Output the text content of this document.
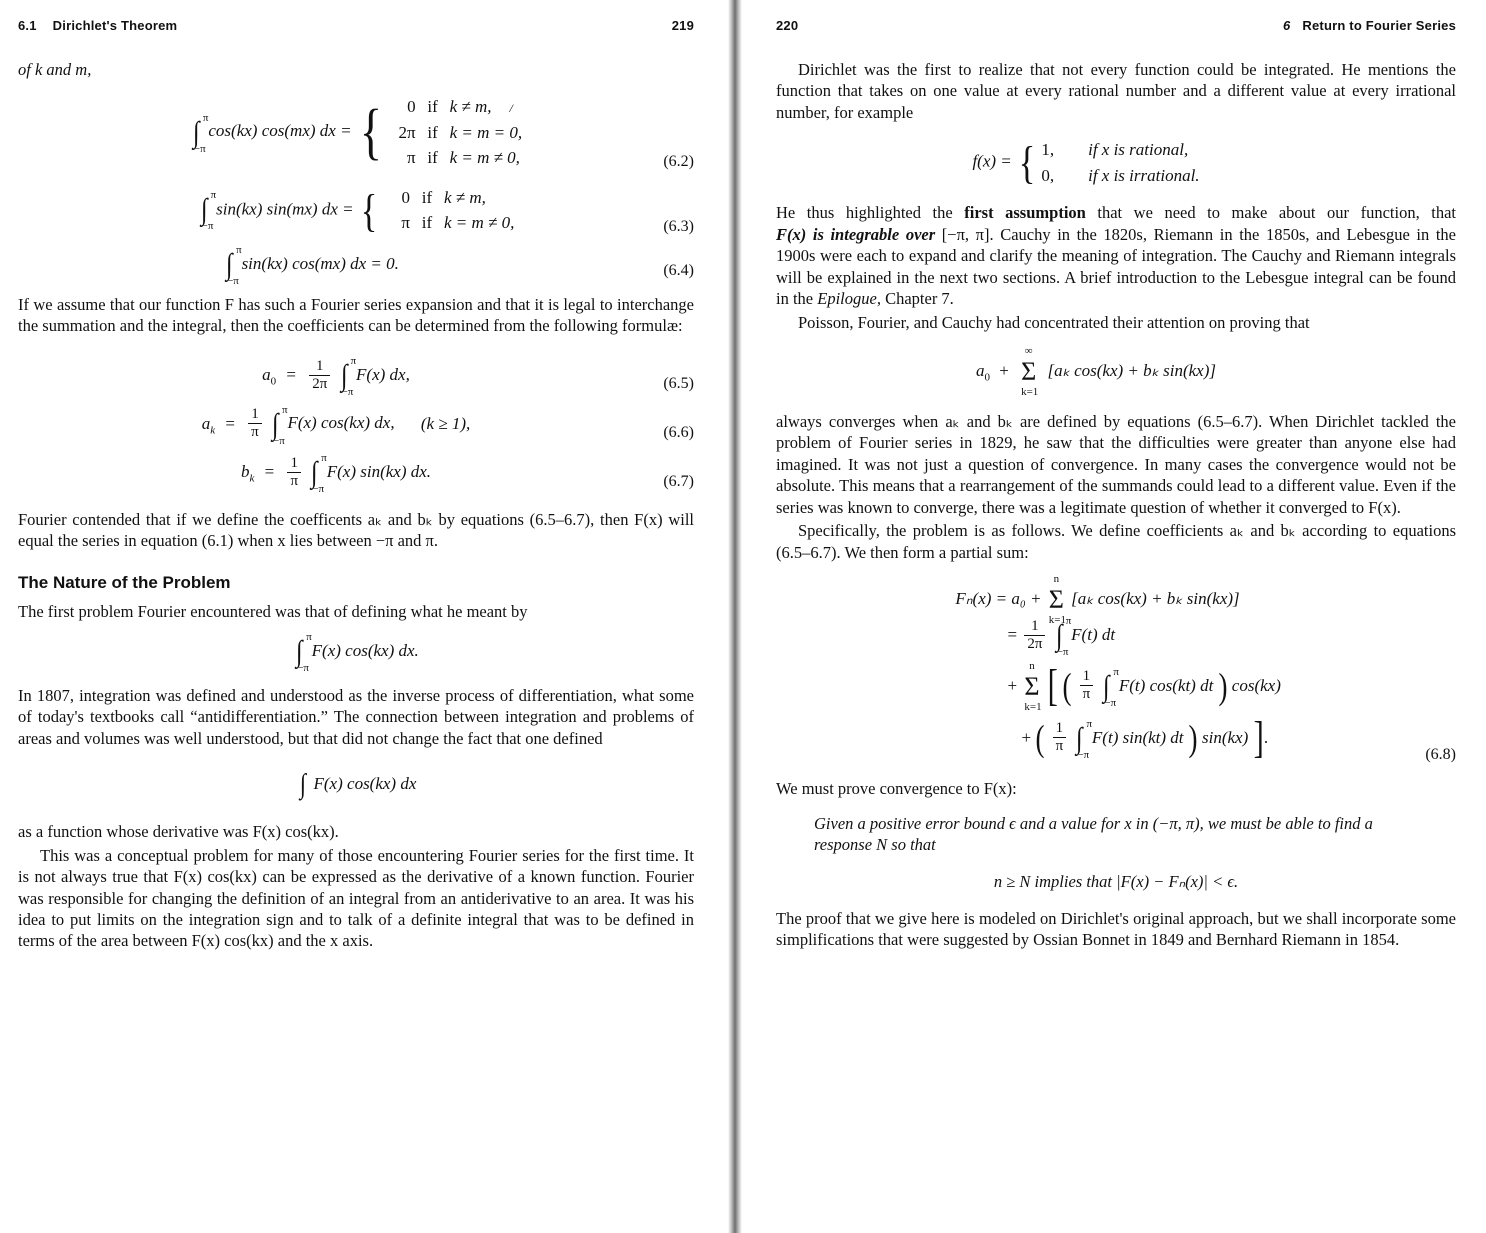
6.1 Dirichlet's Theorem	219

of k and m,

π
∫
−π
cos(kx) cos(mx) dx = {	0 if k ≠ m, /
2π if k = m = 0,
π if k = m ≠ 0,	(6.2)
π
∫
−π
sin(kx) sin(mx) dx = {	0 if k ≠ m,
π if k = m ≠ 0,	(6.3)
π
∫
−π
sin(kx) cos(mx) dx = 0.	(6.4)

If we assume that our function F has such a Fourier series expansion and that it is legal to interchange the summation and the integral, then the coefficients can be determined from the following formulæ:

$a_0 = \frac{1}{2\pi}$
π
∫
−π
F(x) dx,	(6.5)
$a_k = \frac{1}{\pi}$
π
∫
−π
F(x) cos(kx) dx, (k ≥ 1),	(6.6)
$b_k = \frac{1}{\pi}$
π
∫
−π
F(x) sin(kx) dx.	(6.7)

Fourier contended that if we define the coefficents aₖ and bₖ by equations (6.5–6.7), then F(x) will equal the series in equation (6.1) when x lies between −π and π.

The Nature of the Problem

The first problem Fourier encountered was that of defining what he meant by

π
∫
−π
F(x) cos(kx) dx.

In 1807, integration was defined and understood as the inverse process of differentiation, what some of today's textbooks call “antidifferentiation.” The connection between integration and problems of areas and volumes was well understood, but that did not change the fact that one defined

∫ F(x) cos(kx) dx

as a function whose derivative was F(x) cos(kx).

This was a conceptual problem for many of those encountering Fourier series for the first time. It is not always true that F(x) cos(kx) can be expressed as the derivative of a known function. Fourier was responsible for changing the definition of an integral from an antiderivative to an area. It was his idea to put limits on the integration sign and to talk of a definite integral that was to be defined in terms of the area between F(x) cos(kx) and the x axis.

220	6 Return to Fourier Series

Dirichlet was the first to realize that not every function could be integrated. He mentions the function that takes on one value at every rational number and a different value at every irrational number, for example

f(x) = { 1, if x is rational,
0, if x is irrational.

He thus highlighted the first assumption that we need to make about our function, that F(x) is integrable over [−π, π]. Cauchy in the 1820s, Riemann in the 1850s, and Lebesgue in the 1900s were each to expand and clarify the meaning of integration. The Cauchy and Riemann integrals will be explained in the next two sections. A brief introduction to the Lebesgue integral can be found in the Epilogue, Chapter 7.

Poisson, Fourier, and Cauchy had concentrated their attention on proving that

$a_0$ +
∞
Σ
k=1
[aₖ cos(kx) + bₖ sin(kx)]

always converges when aₖ and bₖ are defined by equations (6.5–6.7). When Dirichlet tackled the problem of Fourier series in 1829, he saw that the difficulties were greater than anyone else had imagined. It was not just a question of convergence. In many cases the convergence would not be absolute. This means that a rearrangement of the summands could lead to a different value. Even if the series was known to converge, there was a legitimate question of whether it converged to F(x).

Specifically, the problem is as follows. We define coefficients aₖ and bₖ according to equations (6.5–6.7). We then form a partial sum:

Fₙ(x) = a₀ +
n
Σ
k=1
[aₖ cos(kx) + bₖ sin(kx)]
= $\frac{1}{2\pi}$
π
∫
−π
F(t) dt
+
n
Σ
k=1 [ ( $\frac{1}{\pi}$
π
∫
−π
F(t) cos(kt) dt ) cos(kx)
+ ( $\frac{1}{\pi}$
π
∫
−π
F(t) sin(kt) dt ) sin(kx) ].
(6.8)

We must prove convergence to F(x):

Given a positive error bound ϵ and a value for x in (−π, π), we must be able to find a response N so that
n ≥ N implies that |F(x) − Fₙ(x)| < ϵ.

The proof that we give here is modeled on Dirichlet's original approach, but we shall incorporate some simplifications that were suggested by Ossian Bonnet in 1849 and Bernhard Riemann in 1854.
